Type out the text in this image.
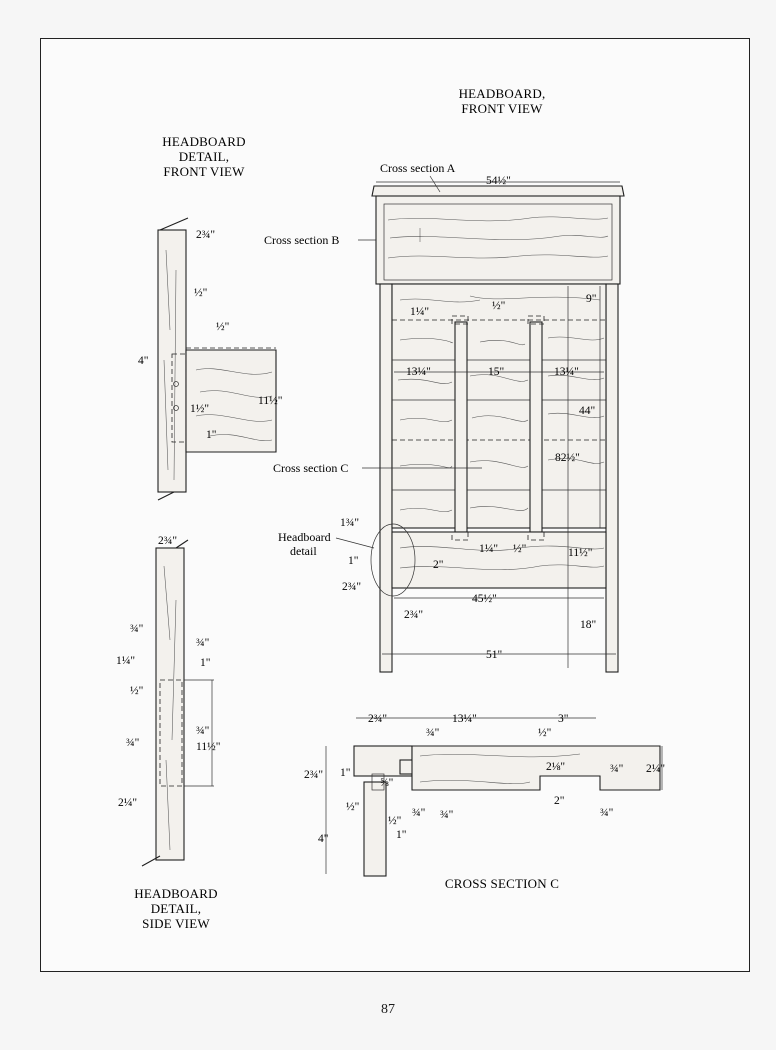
HEADBOARD,
FRONT VIEW
HEADBOARD
DETAIL,
FRONT VIEW
HEADBOARD
DETAIL,
SIDE VIEW
CROSS SECTION C
Cross section A
Cross section B
Cross section C
Headboard
detail
54½"
9"
1¼"	½"
13¼"	15"	13¼"
44"
82½"
1¾"
1"
2¾"
2"
1¼" ½"	11½"
45½"
2¾"
18"
51"
2¾"
½"
½"
4"
1½"
11½"
1"
2¾"
¾"
¾"
1¼"	1"
½"
¾"
¾"	11½"
2¼"
2¾"	13¼"	3"
¾"	½"
2⅛"	¾" 2¼"
2¾" 1"
⅝"
¾" ¾"
2"
¾"
½"
½"
1"
4"
87
